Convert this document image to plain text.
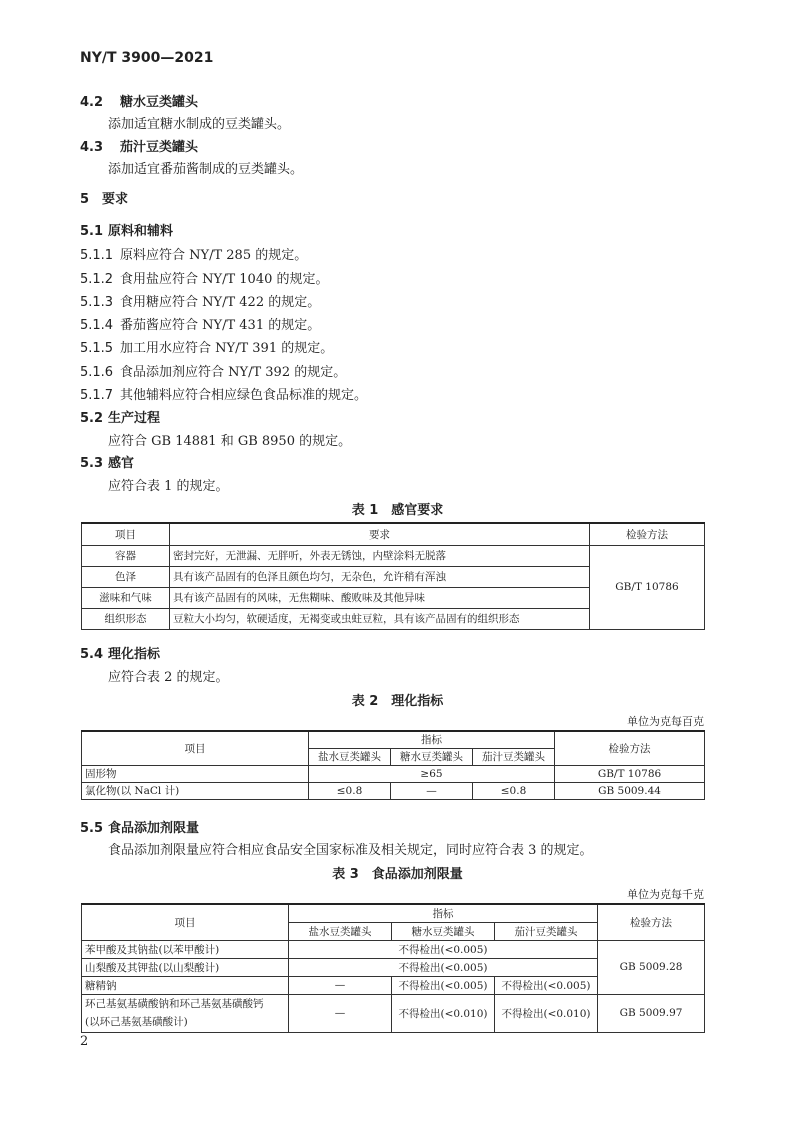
NY/T 3900—2021
4.2 糖水豆类罐头
添加适宜糖水制成的豆类罐头。
4.3 茄汁豆类罐头
添加适宜番茄酱制成的豆类罐头。
5 要求
5.1 原料和辅料
5.1.1 原料应符合 NY/T 285 的规定。
5.1.2 食用盐应符合 NY/T 1040 的规定。
5.1.3 食用糖应符合 NY/T 422 的规定。
5.1.4 番茄酱应符合 NY/T 431 的规定。
5.1.5 加工用水应符合 NY/T 391 的规定。
5.1.6 食品添加剂应符合 NY/T 392 的规定。
5.1.7 其他辅料应符合相应绿色食品标准的规定。
5.2 生产过程
应符合 GB 14881 和 GB 8950 的规定。
5.3 感官
应符合表 1 的规定。
表 1　感官要求
项目	要求	检验方法
容器	密封完好，无泄漏、无胖听，外表无锈蚀，内壁涂料无脱落	GB/T 10786
色泽	具有该产品固有的色泽且颜色均匀，无杂色，允许稍有浑浊	
滋味和气味	具有该产品固有的风味，无焦糊味、酸败味及其他异味	
组织形态	豆粒大小均匀，软硬适度，无褐变或虫蛀豆粒，具有该产品固有的组织形态	
5.4 理化指标
应符合表 2 的规定。
表 2　理化指标
单位为克每百克
项目	指标			检验方法
	盐水豆类罐头	糖水豆类罐头	茄汁豆类罐头	
固形物	≥65			GB/T 10786
氯化物(以 NaCl 计)	≤0.8	—	≤0.8	GB 5009.44
5.5 食品添加剂限量
食品添加剂限量应符合相应食品安全国家标准及相关规定，同时应符合表 3 的规定。
表 3　食品添加剂限量
单位为克每千克
项目	指标			检验方法
	盐水豆类罐头	糖水豆类罐头	茄汁豆类罐头	
苯甲酸及其钠盐(以苯甲酸计)	不得检出(<0.005)			GB 5009.28
山梨酸及其钾盐(以山梨酸计)	不得检出(<0.005)			
糖精钠	—	不得检出(<0.005)	不得检出(<0.005)	

环己基氨基磺酸钠和环己基氨基磺酸钙
(以环己基氨基磺酸计)	—	不得检出(<0.010)	不得检出(<0.010)	GB 5009.97
2
